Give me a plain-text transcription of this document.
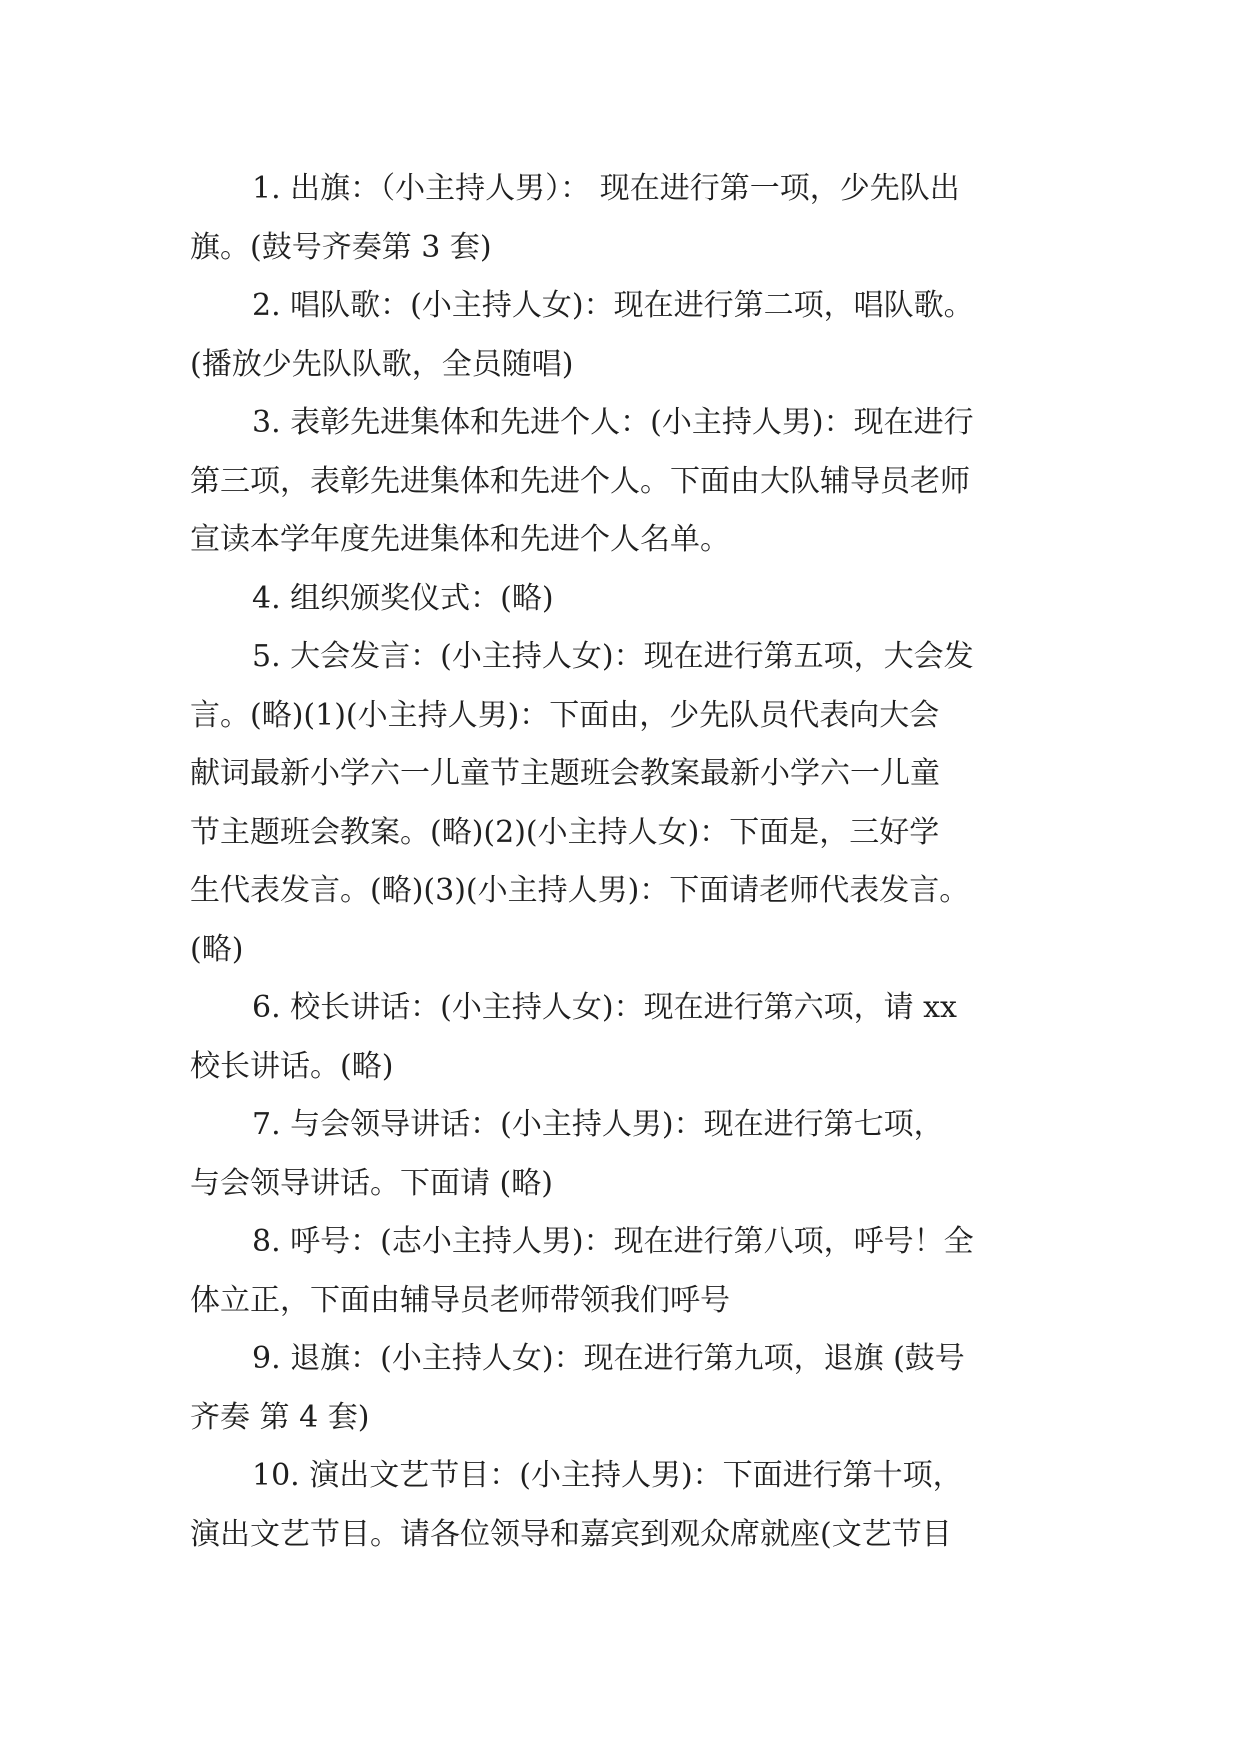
1. 出旗：（小主持人男）： 现在进行第一项，少先队出
旗。(鼓号齐奏第 3 套)

2. 唱队歌：(小主持人女)：现在进行第二项，唱队歌。
(播放少先队队歌，全员随唱)

3. 表彰先进集体和先进个人：(小主持人男)：现在进行
第三项，表彰先进集体和先进个人。下面由大队辅导员老师
宣读本学年度先进集体和先进个人名单。

4. 组织颁奖仪式：(略)

5. 大会发言：(小主持人女)：现在进行第五项，大会发
言。(略)(1)(小主持人男)：下面由，少先队员代表向大会
献词最新小学六一儿童节主题班会教案最新小学六一儿童
节主题班会教案。(略)(2)(小主持人女)：下面是，三好学
生代表发言。(略)(3)(小主持人男)：下面请老师代表发言。
(略)

6. 校长讲话：(小主持人女)：现在进行第六项，请 xx
校长讲话。(略)

7. 与会领导讲话：(小主持人男)：现在进行第七项，
与会领导讲话。下面请 (略)

8. 呼号：(志小主持人男)：现在进行第八项，呼号！全
体立正，下面由辅导员老师带领我们呼号

9. 退旗：(小主持人女)：现在进行第九项，退旗 (鼓号
齐奏 第 4 套)

10. 演出文艺节目：(小主持人男)：下面进行第十项，
演出文艺节目。请各位领导和嘉宾到观众席就座(文艺节目
